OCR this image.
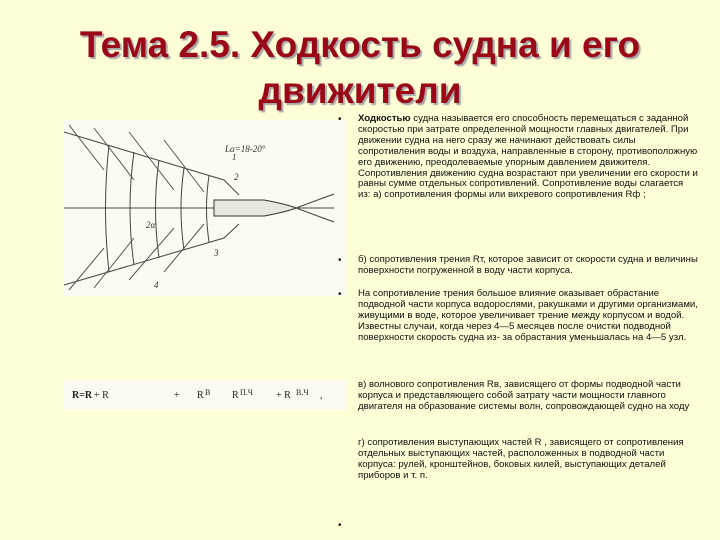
Тема 2.5. Ходкость судна и его
движители
1
2
3
4
2α
Lα=18-20°
R=R + R	+ R В R П.Ч + R В.Ч ,
•
•
•
•
Ходкостью судна называется его способность перемещаться с заданной скоростью при затрате определенной мощности главных двигателей. При движении судна на него сразу же начинают действовать силы сопротивления воды и воздуха, направленные в сторону, противоположную его движению, преодолеваемые упорным давлением движителя. Сопротивления движению судна возрастают при увеличении его скорости и равны сумме отдельных сопротивлений. Сопротивление воды слагается из: а) сопротивления формы или вихревого сопротивления Rф ;
б) сопротивления трения Rт, которое зависит от скорости судна и величины поверхности погруженной в воду части корпуса.
На сопротивление трения большое влияние оказывает обрастание подводной части корпуса водорослями, ракушками и другими организмами, живущими в воде, которое увеличивает трение между корпусом и водой. Известны случаи, когда через 4—5 месяцев после очистки подводной поверхности скорость судна из- за обрастания уменьшалась на 4—5 узл.
в) волнового сопротивления Rв, зависящего от формы подводной части корпуса и представляющего собой затрату части мощности главного двигателя на образование системы волн, сопровождающей судно на ходу
г) сопротивления выступающих частей R , зависящего от сопротивления отдельных выступающих частей, расположенных в подводной части корпуса: рулей, кронштейнов, боковых килей, выступающих деталей приборов и т. п.
